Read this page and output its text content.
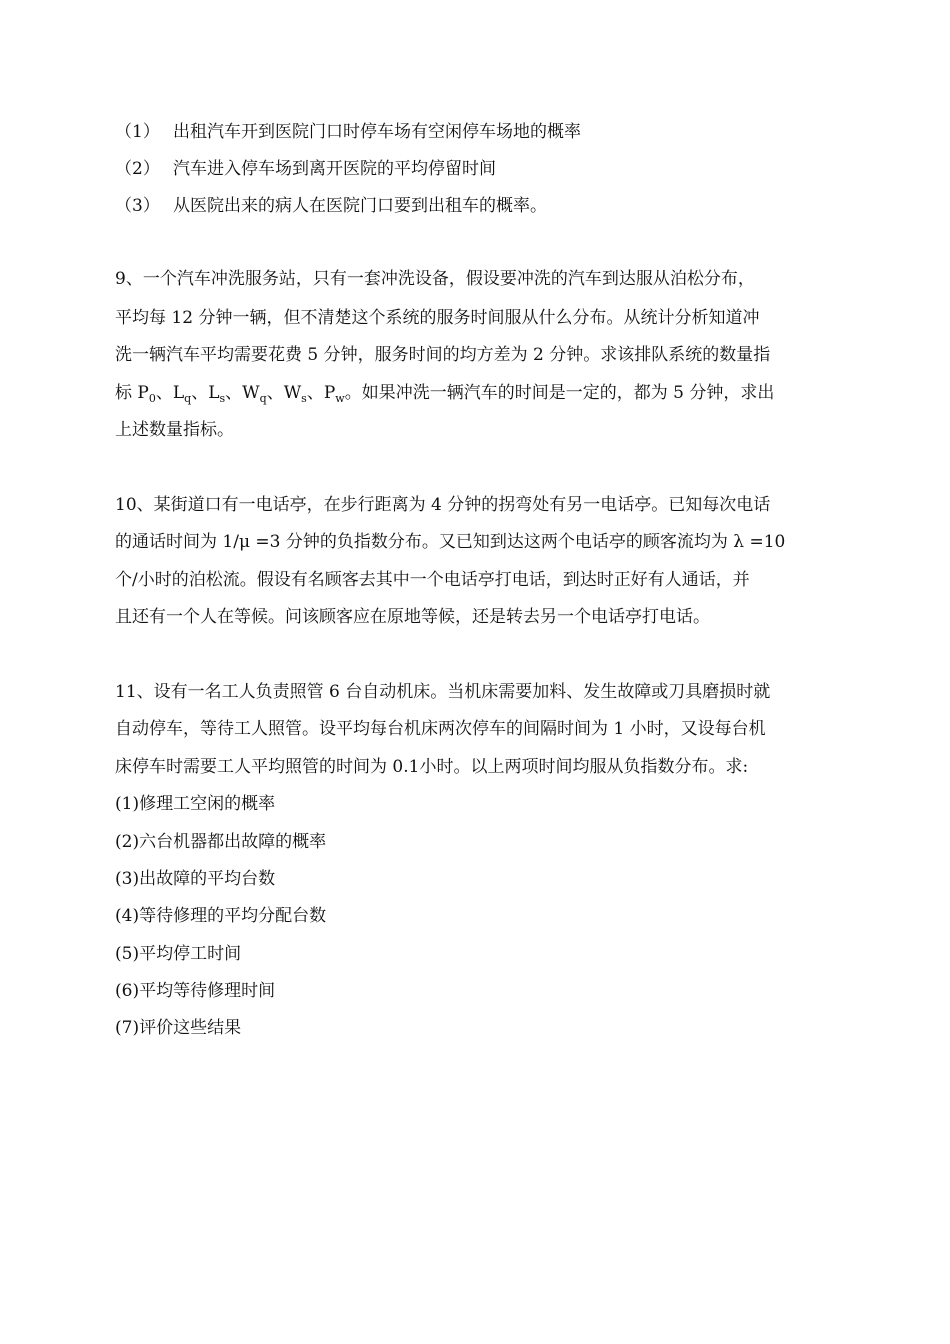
（1） 出租汽车开到医院门口时停车场有空闲停车场地的概率
（2） 汽车进入停车场到离开医院的平均停留时间
（3） 从医院出来的病人在医院门口要到出租车的概率。
9、一个汽车冲洗服务站，只有一套冲洗设备，假设要冲洗的汽车到达服从泊松分布，
平均每 12 分钟一辆，但不清楚这个系统的服务时间服从什么分布。从统计分析知道冲
洗一辆汽车平均需要花费 5 分钟，服务时间的均方差为 2 分钟。求该排队系统的数量指
标 $P_0$、$L_q$、$L_s$、$W_q$、$W_s$、$P_w$。如果冲洗一辆汽车的时间是一定的，都为 5 分钟，求出
上述数量指标。
10、某街道口有一电话亭，在步行距离为 4 分钟的拐弯处有另一电话亭。已知每次电话
的通话时间为 1/μ =3 分钟的负指数分布。又已知到达这两个电话亭的顾客流均为 λ =10
个/小时的泊松流。假设有名顾客去其中一个电话亭打电话，到达时正好有人通话，并
且还有一个人在等候。问该顾客应在原地等候，还是转去另一个电话亭打电话。
11、设有一名工人负责照管 6 台自动机床。当机床需要加料、发生故障或刀具磨损时就
自动停车，等待工人照管。设平均每台机床两次停车的间隔时间为 1 小时，又设每台机
床停车时需要工人平均照管的时间为 0.1小时。以上两项时间均服从负指数分布。求:
(1)修理工空闲的概率
(2)六台机器都出故障的概率
(3)出故障的平均台数
(4)等待修理的平均分配台数
(5)平均停工时间
(6)平均等待修理时间
(7)评价这些结果
